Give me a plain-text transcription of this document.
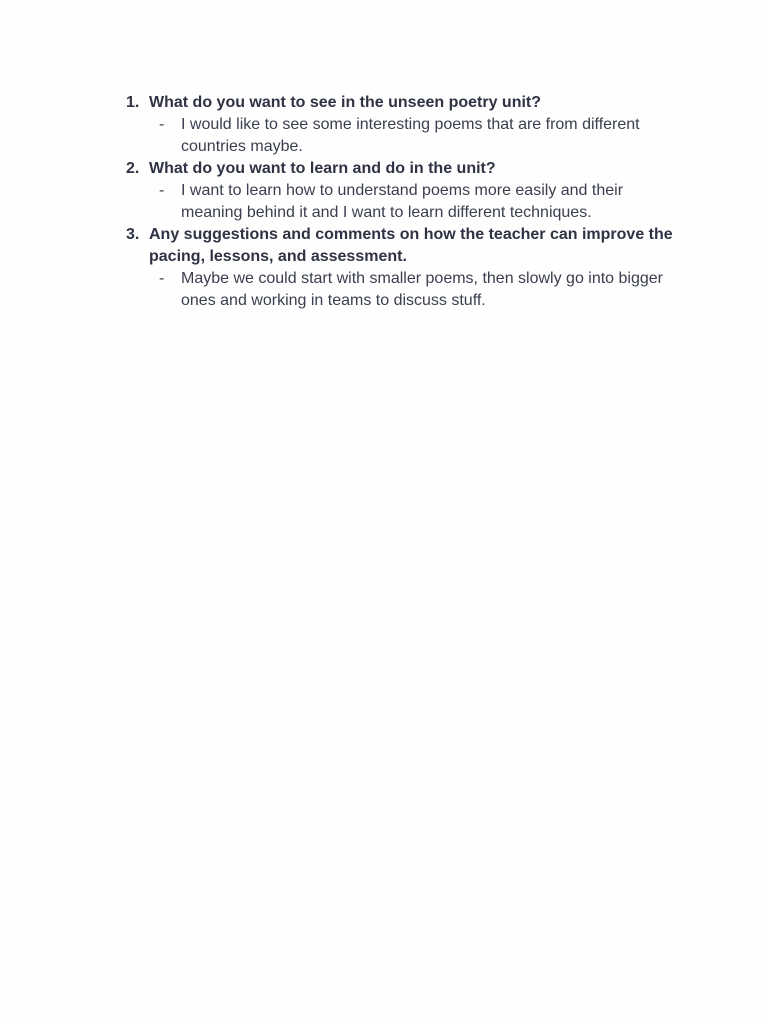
1. What do you want to see in the unseen poetry unit?
- I would like to see some interesting poems that are from different countries maybe.
2. What do you want to learn and do in the unit?
- I want to learn how to understand poems more easily and their meaning behind it and I want to learn different techniques.
3. Any suggestions and comments on how the teacher can improve the pacing, lessons, and assessment.
- Maybe we could start with smaller poems, then slowly go into bigger ones and working in teams to discuss stuff.
